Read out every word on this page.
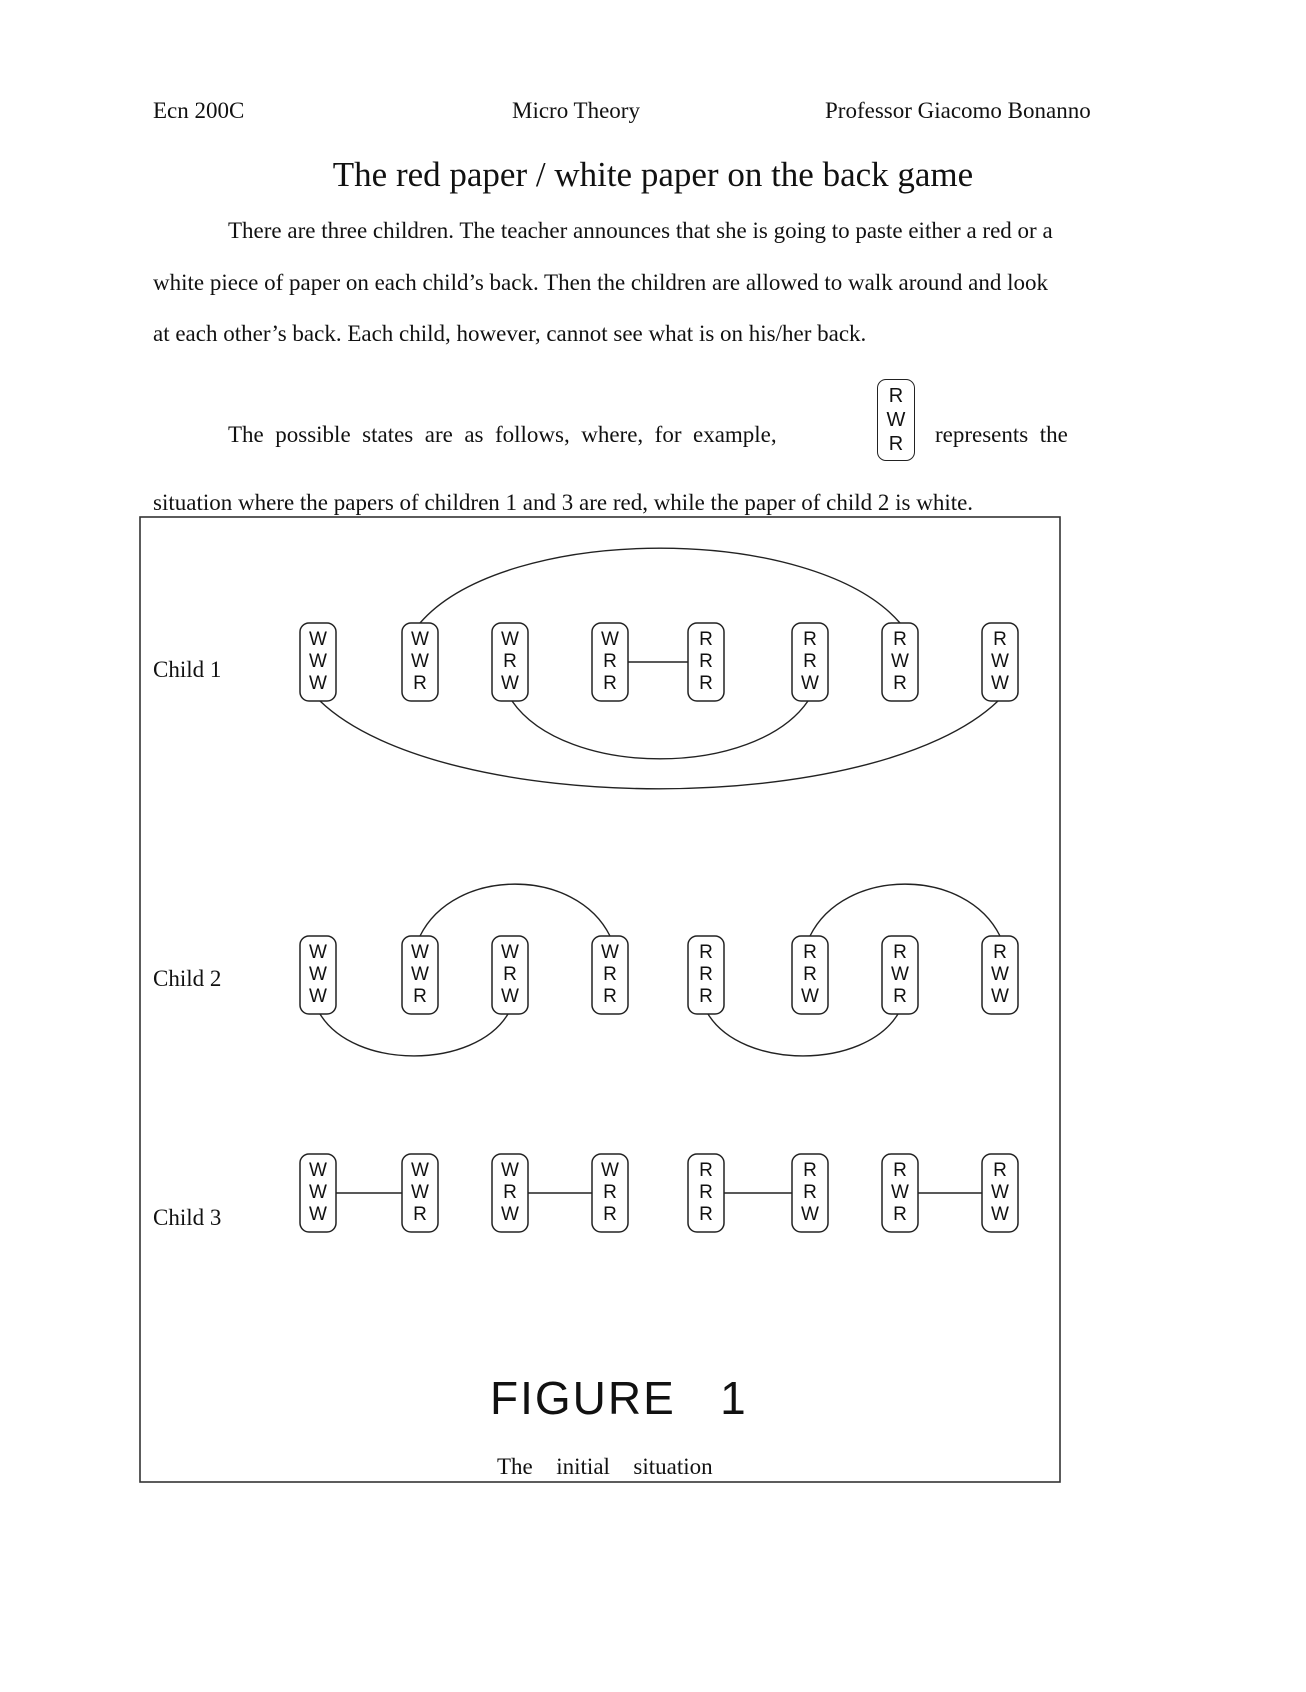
Ecn 200C	Micro Theory	Professor Giacomo Bonanno
The red paper / white paper on the back game
There are three children. The teacher announces that she is going to paste either a red or a
white piece of paper on each child’s back. Then the children are allowed to walk around and look
at each other’s back. Each child, however, cannot see what is on his/her back.
The  possible  states  are  as  follows,  where,  for  example,
R
W
R represents  the
situation where the papers of children 1 and 3 are red, while the paper of child 2 is white.
W
W
W
W
W
R
W
R
W
W
R
R
R
R
R
R
R
W
R
W
R
R
W
W
W
W
W
W
W
R
W
R
W
W
R
R
R
R
R
R
R
W
R
W
R
R
W
W
W
W
W
W
W
R
W
R
W
W
R
R
R
R
R
R
R
W
R
W
R
R
W
W
Child 1
Child 2
Child 3
FIGURE   1
The  initial  situation
